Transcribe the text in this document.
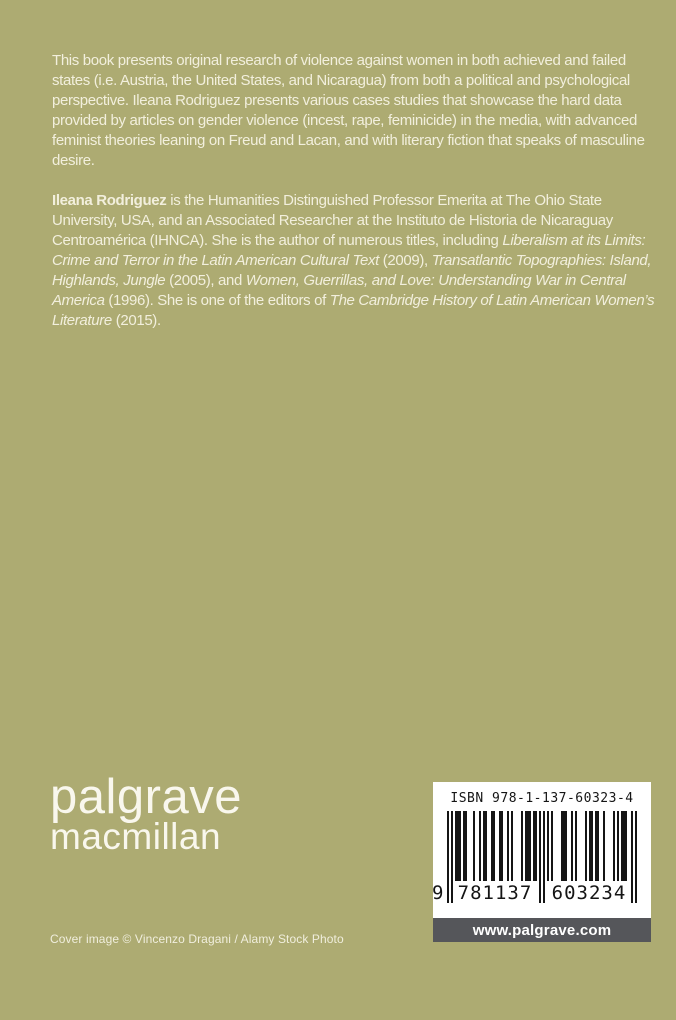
This book presents original research of violence against women in both achieved and failed states (i.e. Austria, the United States, and Nicaragua) from both a political and psychological perspective. Ileana Rodriguez presents various cases studies that showcase the hard data provided by articles on gender violence (incest, rape, feminicide) in the media, with advanced feminist theories leaning on Freud and Lacan, and with literary fiction that speaks of masculine desire.

Ileana Rodriguez is the Humanities Distinguished Professor Emerita at The Ohio State University, USA, and an Associated Researcher at the Instituto de Historia de Nicaraguay Centroamérica (IHNCA). She is the author of numerous titles, including Liberalism at its Limits: Crime and Terror in the Latin American Cultural Text (2009), Transatlantic Topographies: Island, Highlands, Jungle (2005), and Women, Guerrillas, and Love: Understanding War in Central America (1996). She is one of the editors of The Cambridge History of Latin American Women’s Literature (2015).

palgrave
macmillan
ISBN 978-1-137-60323-4
9 781137 603234
www.palgrave.com
Cover image © Vincenzo Dragani / Alamy Stock Photo
